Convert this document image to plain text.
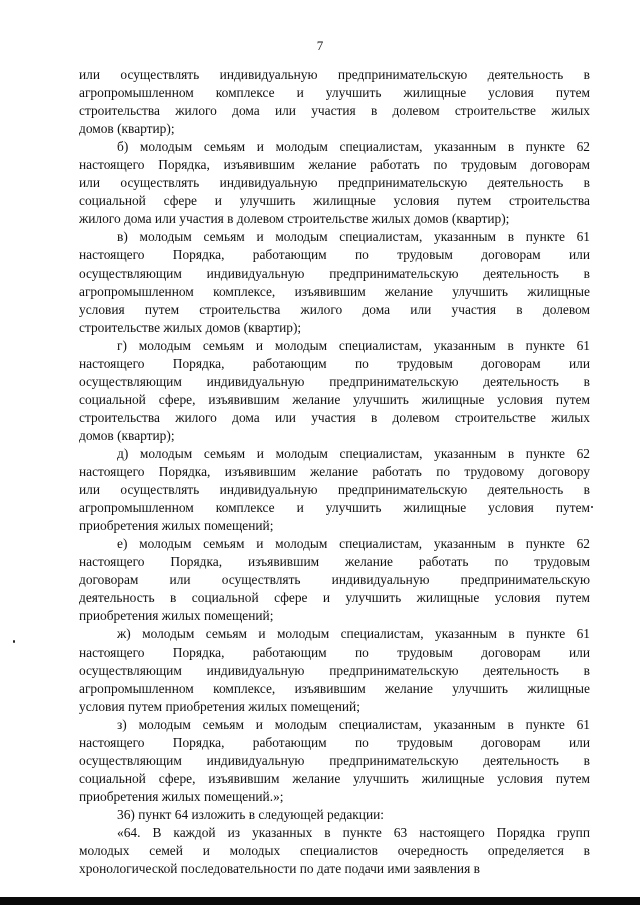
7
или осуществлять индивидуальную предпринимательскую деятельность в
агропромышленном комплексе и улучшить жилищные условия путем
строительства жилого дома или участия в долевом строительстве жилых
домов (квартир);
б) молодым семьям и молодым специалистам, указанным в пункте 62
настоящего Порядка, изъявившим желание работать по трудовым договорам
или осуществлять индивидуальную предпринимательскую деятельность в
социальной сфере и улучшить жилищные условия путем строительства
жилого дома или участия в долевом строительстве жилых домов (квартир);
в) молодым семьям и молодым специалистам, указанным в пункте 61
настоящего Порядка, работающим по трудовым договорам или
осуществляющим индивидуальную предпринимательскую деятельность в
агропромышленном комплексе, изъявившим желание улучшить жилищные
условия путем строительства жилого дома или участия в долевом
строительстве жилых домов (квартир);
г) молодым семьям и молодым специалистам, указанным в пункте 61
настоящего Порядка, работающим по трудовым договорам или
осуществляющим индивидуальную предпринимательскую деятельность в
социальной сфере, изъявившим желание улучшить жилищные условия путем
строительства жилого дома или участия в долевом строительстве жилых
домов (квартир);
д) молодым семьям и молодым специалистам, указанным в пункте 62
настоящего Порядка, изъявившим желание работать по трудовому договору
или осуществлять индивидуальную предпринимательскую деятельность в
агропромышленном комплексе и улучшить жилищные условия путем
приобретения жилых помещений;
е) молодым семьям и молодым специалистам, указанным в пункте 62
настоящего Порядка, изъявившим желание работать по трудовым
договорам или осуществлять индивидуальную предпринимательскую
деятельность в социальной сфере и улучшить жилищные условия путем
приобретения жилых помещений;
ж) молодым семьям и молодым специалистам, указанным в пункте 61
настоящего Порядка, работающим по трудовым договорам или
осуществляющим индивидуальную предпринимательскую деятельность в
агропромышленном комплексе, изъявившим желание улучшить жилищные
условия путем приобретения жилых помещений;
з) молодым семьям и молодым специалистам, указанным в пункте 61
настоящего Порядка, работающим по трудовым договорам или
осуществляющим индивидуальную предпринимательскую деятельность в
социальной сфере, изъявившим желание улучшить жилищные условия путем
приобретения жилых помещений.»;
36) пункт 64 изложить в следующей редакции:
«64. В каждой из указанных в пункте 63 настоящего Порядка групп
молодых семей и молодых специалистов очередность определяется в
хронологической последовательности по дате подачи ими заявления в
